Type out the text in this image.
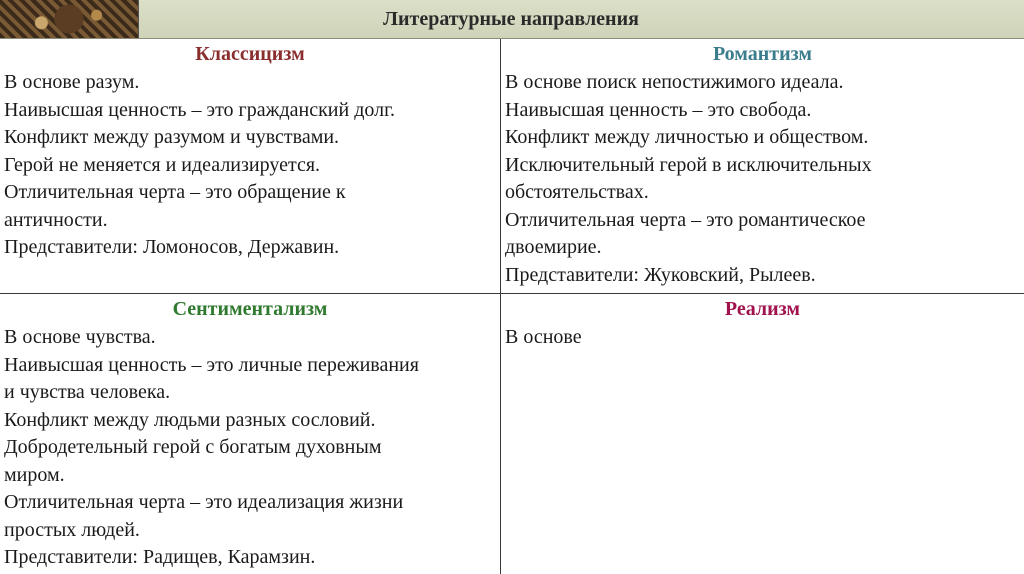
Литературные направления
Классицизм
В основе разум.
Наивысшая ценность – это гражданский долг.
Конфликт между разумом и чувствами.
Герой не меняется и идеализируется.
Отличительная черта – это обращение к
античности.
Представители: Ломоносов, Державин.
Романтизм
В основе поиск непостижимого идеала.
Наивысшая ценность – это свобода.
Конфликт между личностью и обществом.
Исключительный герой в исключительных
обстоятельствах.
Отличительная черта – это романтическое
двоемирие.
Представители: Жуковский, Рылеев.
Сентиментализм
В основе чувства.
Наивысшая ценность – это личные переживания
и чувства человека.
Конфликт между людьми разных сословий.
Добродетельный герой с богатым духовным
миром.
Отличительная черта – это идеализация жизни
простых людей.
Представители: Радищев, Карамзин.
Реализм
В основе
